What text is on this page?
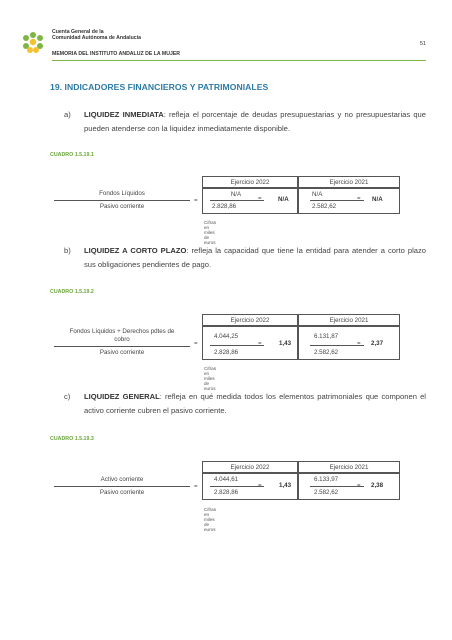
Cuenta General de la
Comunidad Autónoma de Andalucía
MEMORIA DEL INSTITUTO ANDALUZ DE LA MUJER
51
19. INDICADORES FINANCIEROS Y PATRIMONIALES
a)	LIQUIDEZ INMEDIATA: refleja el porcentaje de deudas presupuestarias y no presupuestarias que pueden atenderse con la liquidez inmediatamente disponible.
CUADRO 1.5.19.1
Ejercicio 2022	Ejercicio 2021
Fondos Líquidos
Pasivo corriente
=
N/A
2.828,86
=	N/A
N/A
2.582,62
= N/A
Cifras en miles de euros
b)	LIQUIDEZ A CORTO PLAZO: refleja la capacidad que tiene la entidad para atender a corto plazo sus obligaciones pendientes de pago.
CUADRO 1.5.19.2
Ejercicio 2022	Ejercicio 2021
Fondos Líquidos + Derechos pdtes de
cobro
Pasivo corriente
=
4.044,25
2.828,86
=	1,43
6.131,87
2.582,62
= 2,37
Cifras en miles de euros
c)	LIQUIDEZ GENERAL: refleja en qué medida todos los elementos patrimoniales que componen el activo corriente cubren el pasivo corriente.
CUADRO 1.5.19.3
Ejercicio 2022	Ejercicio 2021
Activo corriente
Pasivo corriente
=
4.044,61
2.828,86
=	1,43
6.133,97
2.582,62
= 2,38
Cifras en miles de euros
